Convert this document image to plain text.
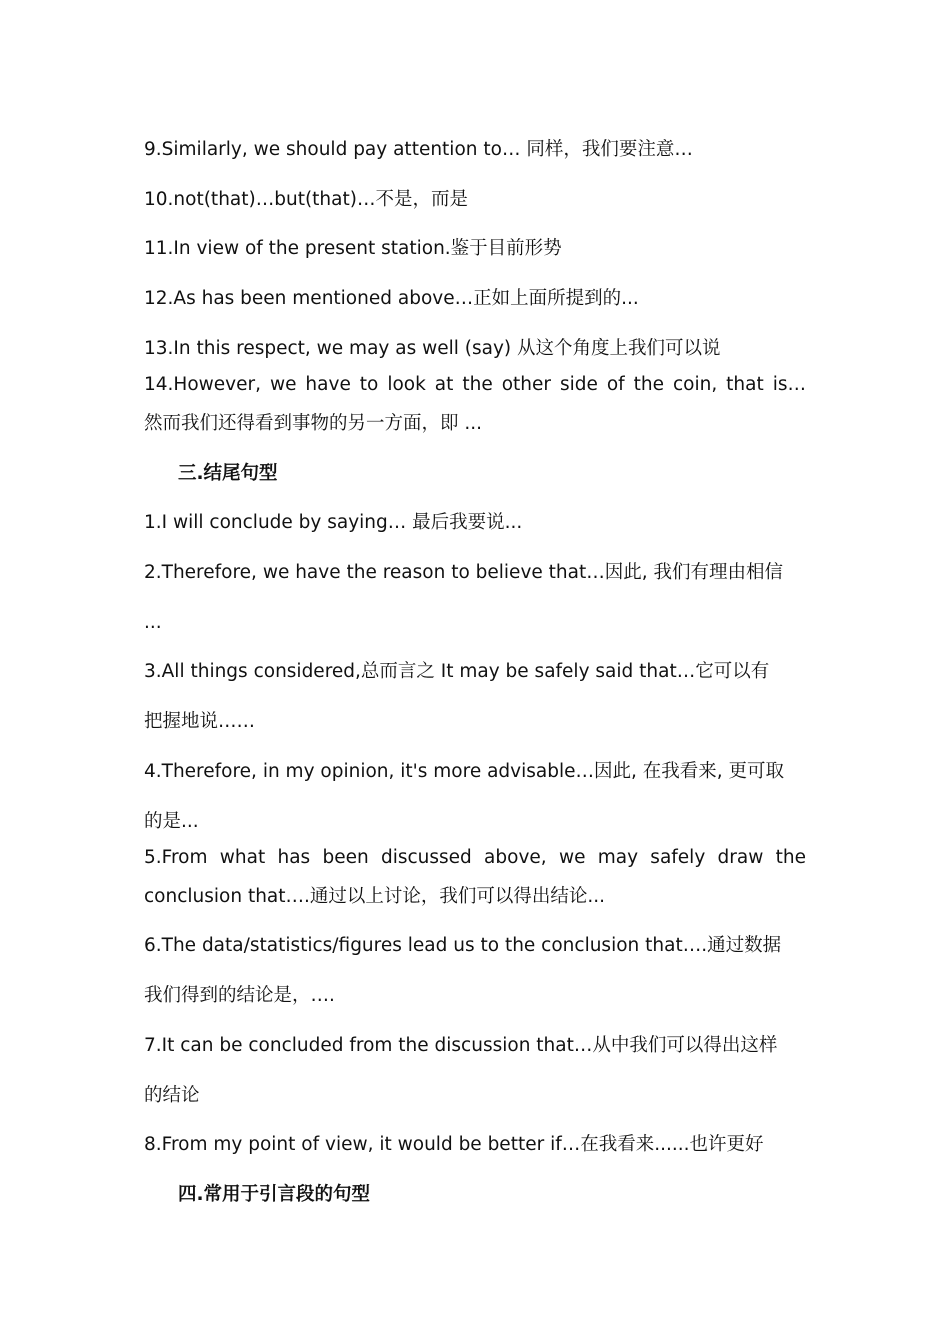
9.Similarly, we should pay attention to… 同样，我们要注意…
10.not(that)…but(that)…不是，而是
11.In view of the present station.鉴于目前形势
12.As has been mentioned above…正如上面所提到的...
13.In this respect, we may as well (say) 从这个角度上我们可以说
14.However, we have to look at the other side of the coin, that is…
然而我们还得看到事物的另一方面，即 ...
三.结尾句型
1.I will conclude by saying… 最后我要说...
2.Therefore, we have the reason to believe that…因此, 我们有理由相信
...
3.All things considered,总而言之 It may be safely said that…它可以有
把握地说……
4.Therefore, in my opinion, it's more advisable…因此, 在我看来, 更可取
的是...
5.From what has been discussed above, we may safely draw the
conclusion that….通过以上讨论，我们可以得出结论...
6.The data/statistics/figures lead us to the conclusion that….通过数据
我们得到的结论是，….
7.It can be concluded from the discussion that…从中我们可以得出这样
的结论
8.From my point of view, it would be better if…在我看来......也许更好
四.常用于引言段的句型
